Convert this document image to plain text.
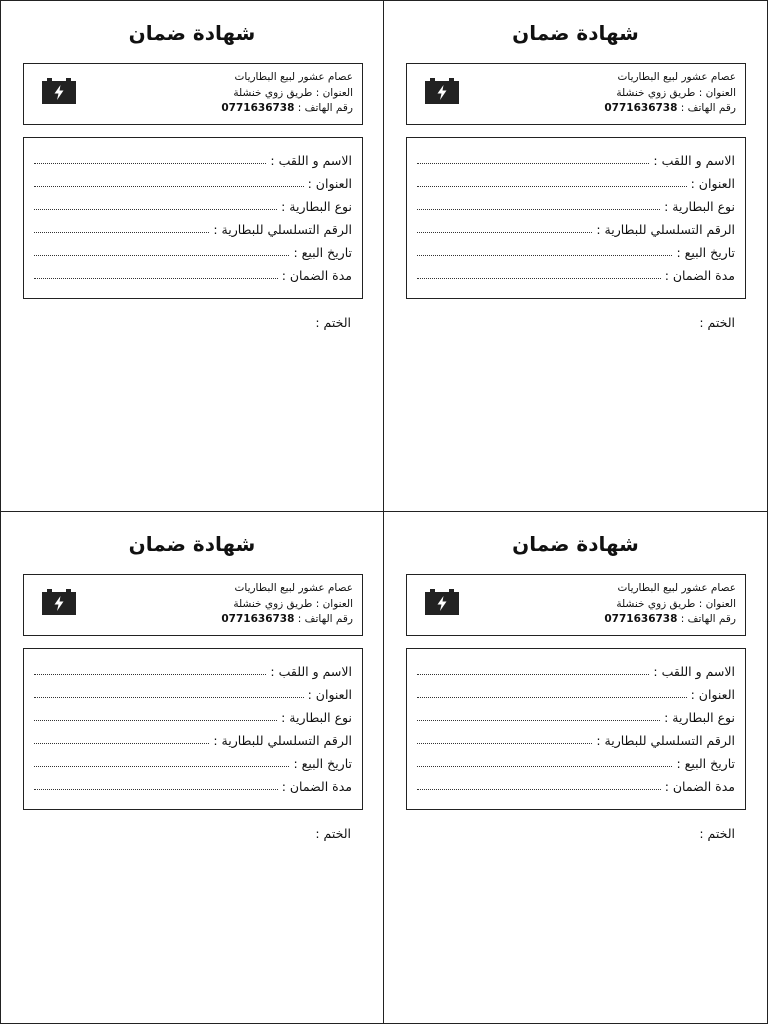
شهادة ضمان
عصام عشور لبيع البطاريات
العنوان : طريق زوي خنشلة
رقم الهاتف : 0771636738
الاسم و اللقب :
العنوان :
نوع البطارية :
الرقم التسلسلي للبطارية :
تاريخ البيع :
مدة الضمان :
الختم :
شهادة ضمان
عصام عشور لبيع البطاريات
العنوان : طريق زوي خنشلة
رقم الهاتف : 0771636738
الاسم و اللقب :
العنوان :
نوع البطارية :
الرقم التسلسلي للبطارية :
تاريخ البيع :
مدة الضمان :
الختم :
شهادة ضمان
عصام عشور لبيع البطاريات
العنوان : طريق زوي خنشلة
رقم الهاتف : 0771636738
الاسم و اللقب :
العنوان :
نوع البطارية :
الرقم التسلسلي للبطارية :
تاريخ البيع :
مدة الضمان :
الختم :
شهادة ضمان
عصام عشور لبيع البطاريات
العنوان : طريق زوي خنشلة
رقم الهاتف : 0771636738
الاسم و اللقب :
العنوان :
نوع البطارية :
الرقم التسلسلي للبطارية :
تاريخ البيع :
مدة الضمان :
الختم :
